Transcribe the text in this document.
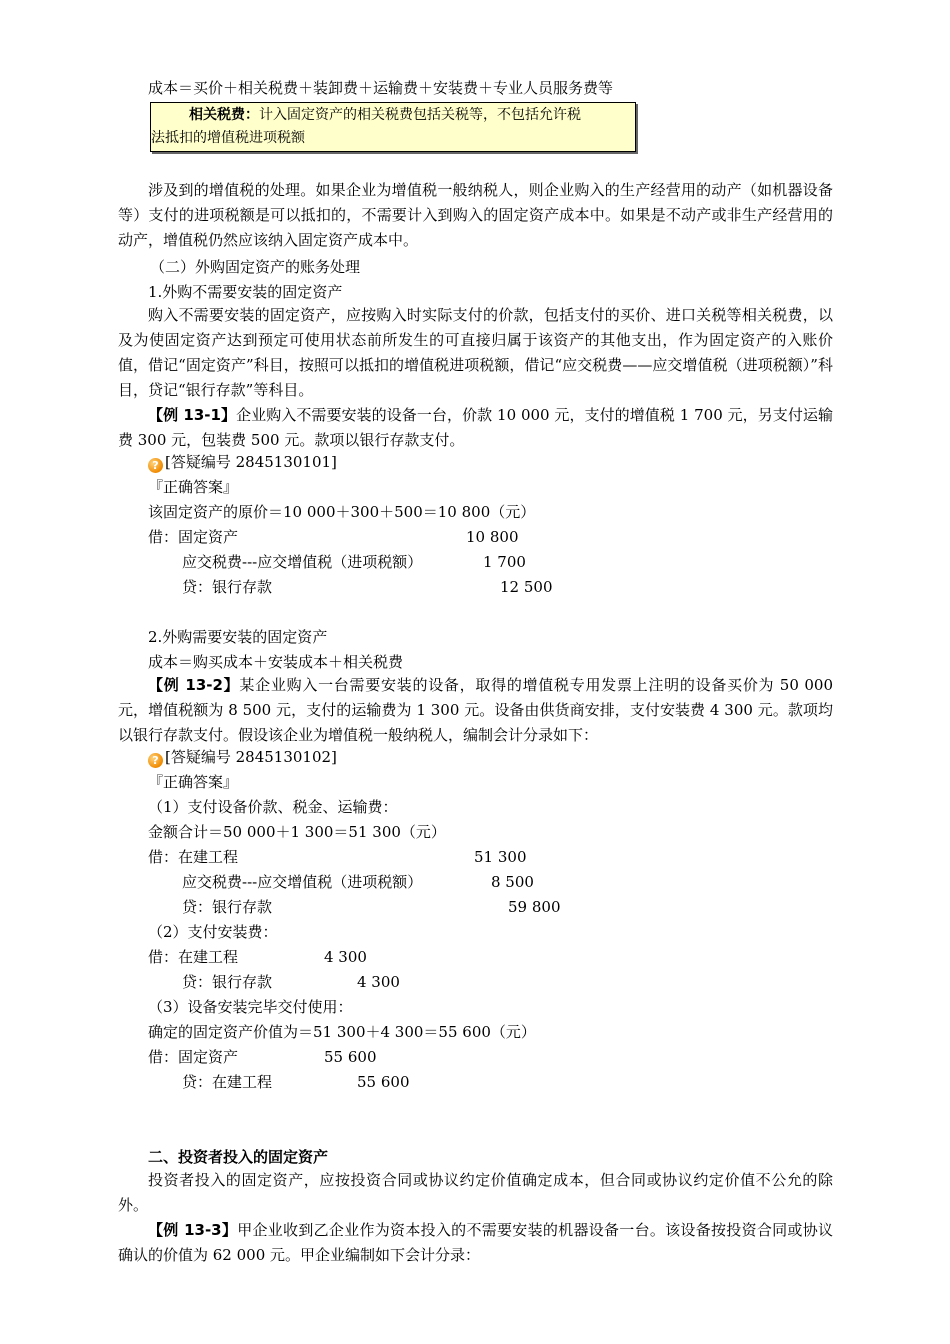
成本＝买价＋相关税费＋装卸费＋运输费＋安装费＋专业人员服务费等
相关税费：计入固定资产的相关税费包括关税等，不包括允许税
法抵扣的增值税进项税额
涉及到的增值税的处理。如果企业为增值税一般纳税人，则企业购入的生产经营用的动产（如机器设备等）支付的进项税额是可以抵扣的，不需要计入到购入的固定资产成本中。如果是不动产或非生产经营用的动产，增值税仍然应该纳入固定资产成本中。
（二）外购固定资产的账务处理
1.外购不需要安装的固定资产
购入不需要安装的固定资产，应按购入时实际支付的价款，包括支付的买价、进口关税等相关税费，以及为使固定资产达到预定可使用状态前所发生的可直接归属于该资产的其他支出，作为固定资产的入账价值，借记“固定资产”科目，按照可以抵扣的增值税进项税额，借记“应交税费——应交增值税（进项税额）”科目，贷记“银行存款”等科目。
【例 13-1】企业购入不需要安装的设备一台，价款 10 000 元，支付的增值税 1 700 元，另支付运输费 300 元，包装费 500 元。款项以银行存款支付。
? [答疑编号 2845130101]
『正确答案』
该固定资产的原价＝10 000＋300＋500＝10 800（元）
借：固定资产	10 800
应交税费---应交增值税（进项税额）	1 700
贷：银行存款	12 500
2.外购需要安装的固定资产
成本＝购买成本＋安装成本＋相关税费
【例 13-2】某企业购入一台需要安装的设备，取得的增值税专用发票上注明的设备买价为 50 000 元，增值税额为 8 500 元，支付的运输费为 1 300 元。设备由供货商安排，支付安装费 4 300 元。款项均以银行存款支付。假设该企业为增值税一般纳税人，编制会计分录如下：
? [答疑编号 2845130102]
『正确答案』
（1）支付设备价款、税金、运输费：
金额合计＝50 000＋1 300＝51 300（元）
借：在建工程	51 300
应交税费---应交增值税（进项税额）	8 500
贷：银行存款	59 800
（2）支付安装费：
借：在建工程	4 300
贷：银行存款	4 300
（3）设备安装完毕交付使用：
确定的固定资产价值为＝51 300＋4 300＝55 600（元）
借：固定资产	55 600
贷：在建工程	55 600
二、投资者投入的固定资产
投资者投入的固定资产，应按投资合同或协议约定价值确定成本，但合同或协议约定价值不公允的除外。
【例 13-3】甲企业收到乙企业作为资本投入的不需要安装的机器设备一台。该设备按投资合同或协议确认的价值为 62 000 元。甲企业编制如下会计分录：
